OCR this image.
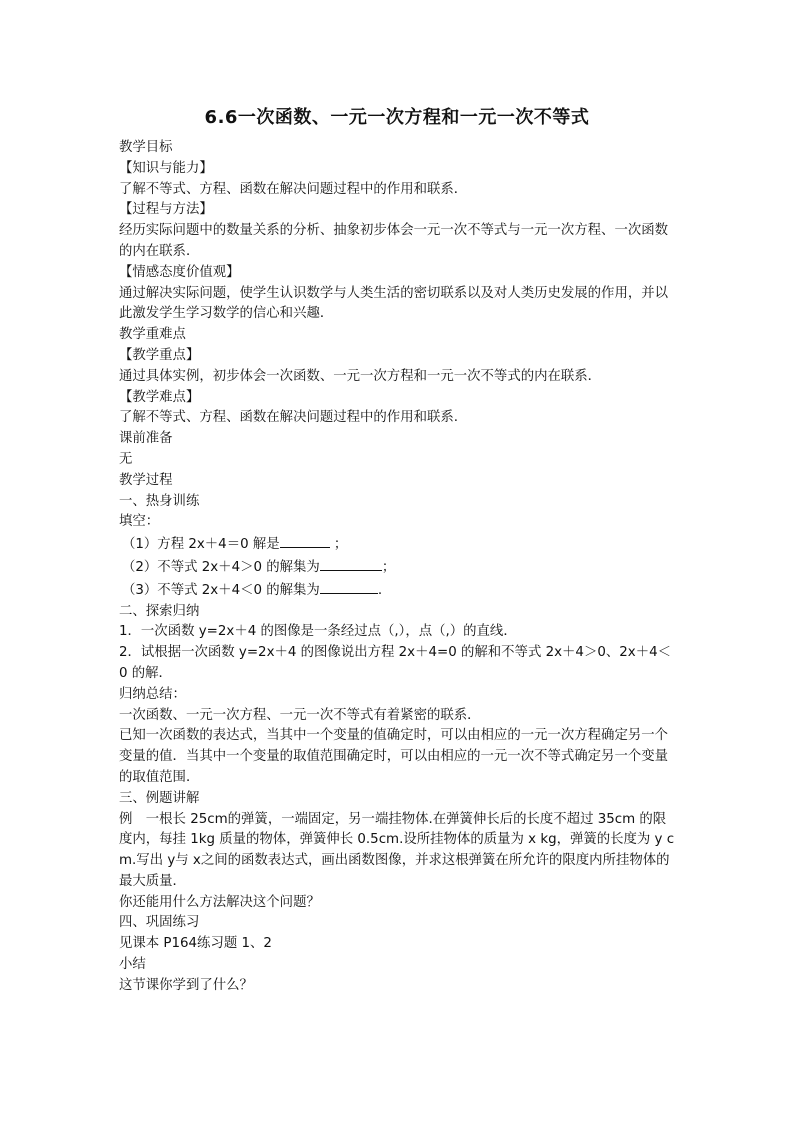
6.6一次函数、一元一次方程和一元一次不等式
教学目标
【知识与能力】
了解不等式、方程、函数在解决问题过程中的作用和联系．
【过程与方法】
经历实际问题中的数量关系的分析、抽象初步体会一元一次不等式与一元一次方程、一次函数的内在联系．
【情感态度价值观】
通过解决实际问题，使学生认识数学与人类生活的密切联系以及对人类历史发展的作用，并以此激发学生学习数学的信心和兴趣．
教学重难点
【教学重点】
通过具体实例，初步体会一次函数、一元一次方程和一元一次不等式的内在联系．
【教学难点】
了解不等式、方程、函数在解决问题过程中的作用和联系.
课前准备
无
教学过程
一、热身训练
填空：
（1）方程 2x＋4＝0 解是	；
（2）不等式 2x＋4＞0 的解集为	；
（3）不等式 2x＋4＜0 的解集为	.
二、探索归纳
1．一次函数 y=2x＋4 的图像是一条经过点（,），点（,）的直线．
2．试根据一次函数 y=2x＋4 的图像说出方程 2x＋4=0 的解和不等式 2x＋4＞0、2x＋4＜0 的解．
归纳总结：
一次函数、一元一次方程、一元一次不等式有着紧密的联系．
已知一次函数的表达式，当其中一个变量的值确定时，可以由相应的一元一次方程确定另一个变量的值．当其中一个变量的取值范围确定时，可以由相应的一元一次不等式确定另一个变量的取值范围．
三、例题讲解
例　一根长 25cm的弹簧，一端固定，另一端挂物体.在弹簧伸长后的长度不超过 35cm 的限度内，每挂 1kg 质量的物体，弹簧伸长 0.5cm.设所挂物体的质量为 x kg，弹簧的长度为 y cm.写出 y与 x之间的函数表达式，画出函数图像，并求这根弹簧在所允许的限度内所挂物体的最大质量．
你还能用什么方法解决这个问题？
四、巩固练习
见课本 P164练习题 1、2
小结
这节课你学到了什么？
